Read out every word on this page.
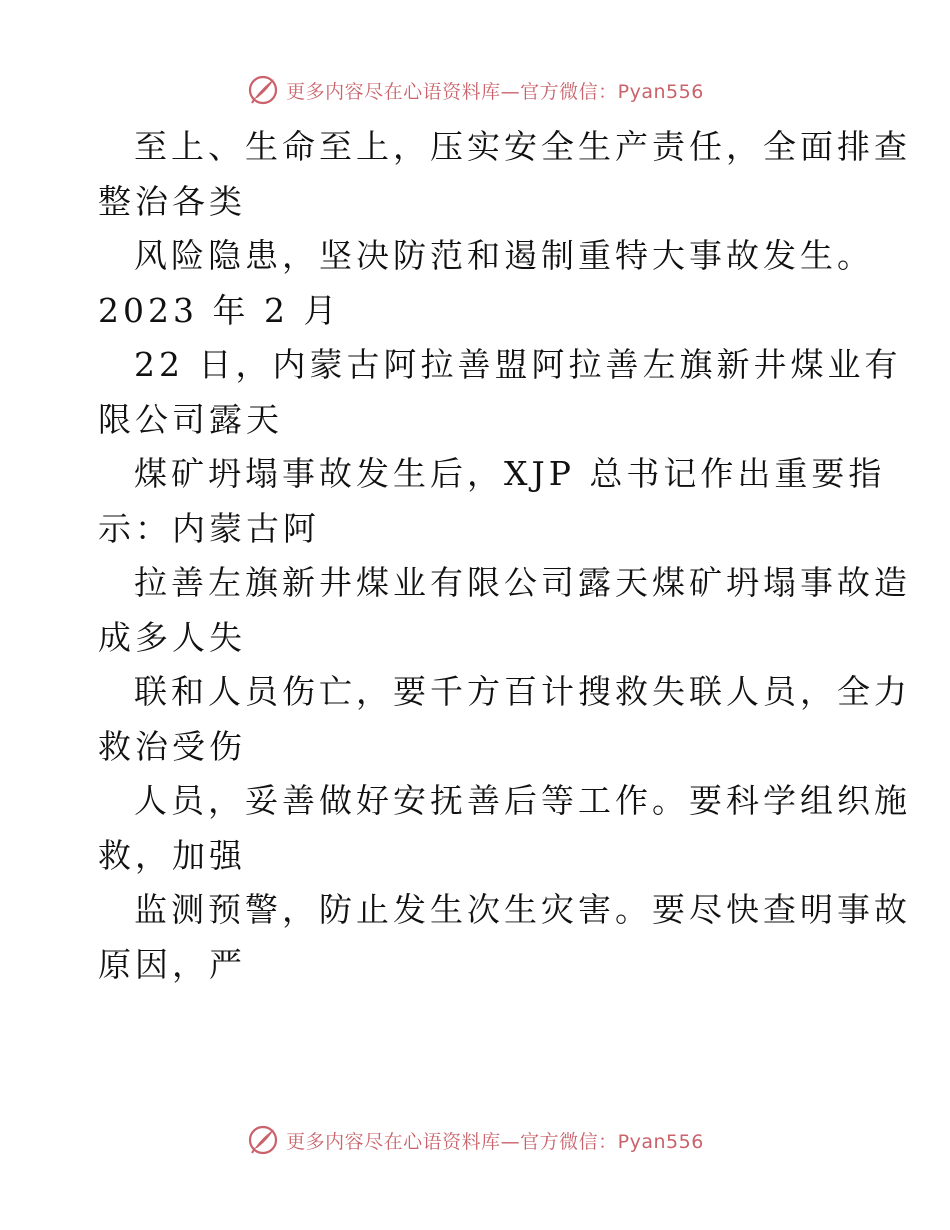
更多内容尽在心语资料库—官方微信：Pyan556
至上、生命至上，压实安全生产责任，全面排查
整治各类
风险隐患，坚决防范和遏制重特大事故发生。
2023 年 2 月
22 日，内蒙古阿拉善盟阿拉善左旗新井煤业有
限公司露天
煤矿坍塌事故发生后，XJP 总书记作出重要指
示：内蒙古阿
拉善左旗新井煤业有限公司露天煤矿坍塌事故造
成多人失
联和人员伤亡，要千方百计搜救失联人员，全力
救治受伤
人员，妥善做好安抚善后等工作。要科学组织施
救，加强
监测预警，防止发生次生灾害。要尽快查明事故
原因，严
更多内容尽在心语资料库—官方微信：Pyan556
